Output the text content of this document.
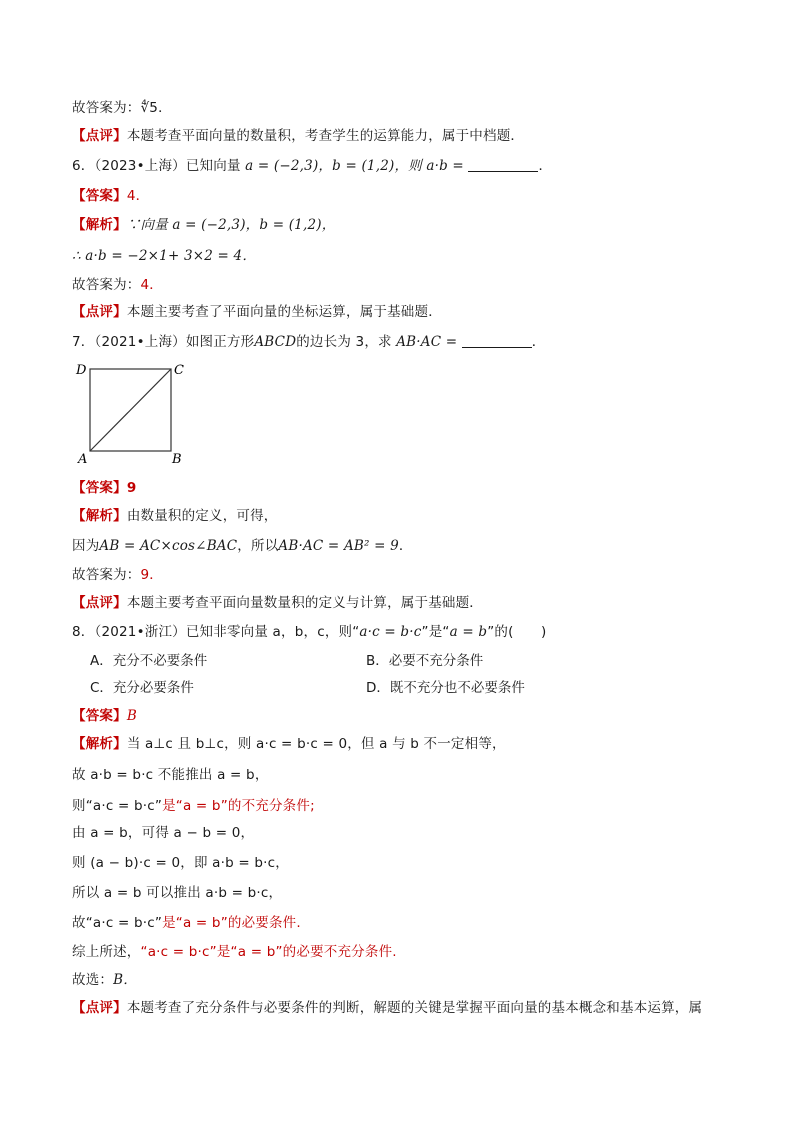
故答案为：∜5．
【点评】本题考查平面向量的数量积，考查学生的运算能力，属于中档题．
6．（2023•上海）已知向量 a = (−2,3)，b = (1,2)，则 a·b =	．
【答案】4．
【解析】∵向量 a = (−2,3)，b = (1,2)，
∴ a·b = −2×1+ 3×2 = 4．
故答案为：4．
【点评】本题主要考查了平面向量的坐标运算，属于基础题．
7．（2021•上海）如图正方形ABCD的边长为 3，求 AB·AC =	．
D	C
A	B
【答案】9
【解析】由数量积的定义，可得，
因为AB = AC×cos∠BAC，所以AB·AC = AB² = 9．
故答案为：9．
【点评】本题主要考查平面向量数量积的定义与计算，属于基础题．
8．（2021•浙江）已知非零向量 a，b，c，则“a·c = b·c”是“a = b”的(　　)
A．充分不必要条件	B．必要不充分条件
C．充分必要条件	D．既不充分也不必要条件
【答案】B
【解析】当 a⊥c 且 b⊥c，则 a·c = b·c = 0，但 a 与 b 不一定相等，
故 a·b = b·c 不能推出 a = b，
则“a·c = b·c”是“a = b”的不充分条件;
由 a = b，可得 a − b = 0，
则 (a − b)·c = 0，即 a·b = b·c，
所以 a = b 可以推出 a·b = b·c，
故“a·c = b·c”是“a = b”的必要条件.
综上所述，“a·c = b·c”是“a = b”的必要不充分条件.
故选：B．
【点评】本题考查了充分条件与必要条件的判断，解题的关键是掌握平面向量的基本概念和基本运算，属
